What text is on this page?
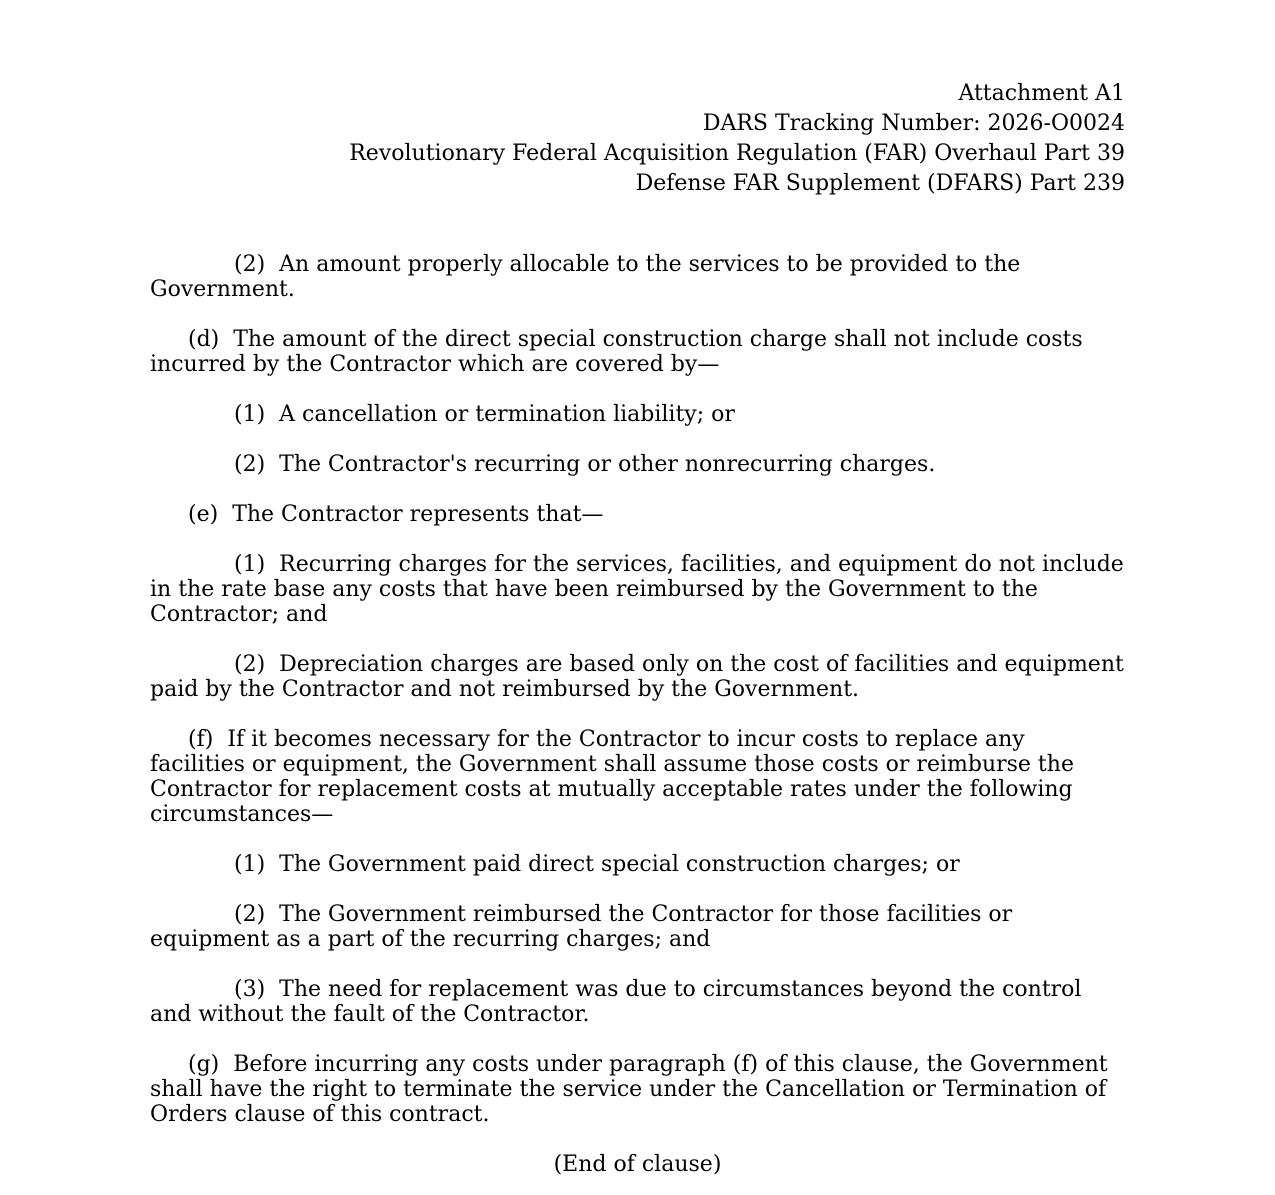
Attachment A1
DARS Tracking Number: 2026-O0024
Revolutionary Federal Acquisition Regulation (FAR) Overhaul Part 39
Defense FAR Supplement (DFARS) Part 239

(2) An amount properly allocable to the services to be provided to the Government.

(d) The amount of the direct special construction charge shall not include costs incurred by the Contractor which are covered by—

(1) A cancellation or termination liability; or

(2) The Contractor's recurring or other nonrecurring charges.

(e) The Contractor represents that—

(1) Recurring charges for the services, facilities, and equipment do not include in the rate base any costs that have been reimbursed by the Government to the Contractor; and

(2) Depreciation charges are based only on the cost of facilities and equipment paid by the Contractor and not reimbursed by the Government.

(f) If it becomes necessary for the Contractor to incur costs to replace any facilities or equipment, the Government shall assume those costs or reimburse the Contractor for replacement costs at mutually acceptable rates under the following circumstances—

(1) The Government paid direct special construction charges; or

(2) The Government reimbursed the Contractor for those facilities or equipment as a part of the recurring charges; and

(3) The need for replacement was due to circumstances beyond the control and without the fault of the Contractor.

(g) Before incurring any costs under paragraph (f) of this clause, the Government shall have the right to terminate the service under the Cancellation or Termination of Orders clause of this contract.

(End of clause)
